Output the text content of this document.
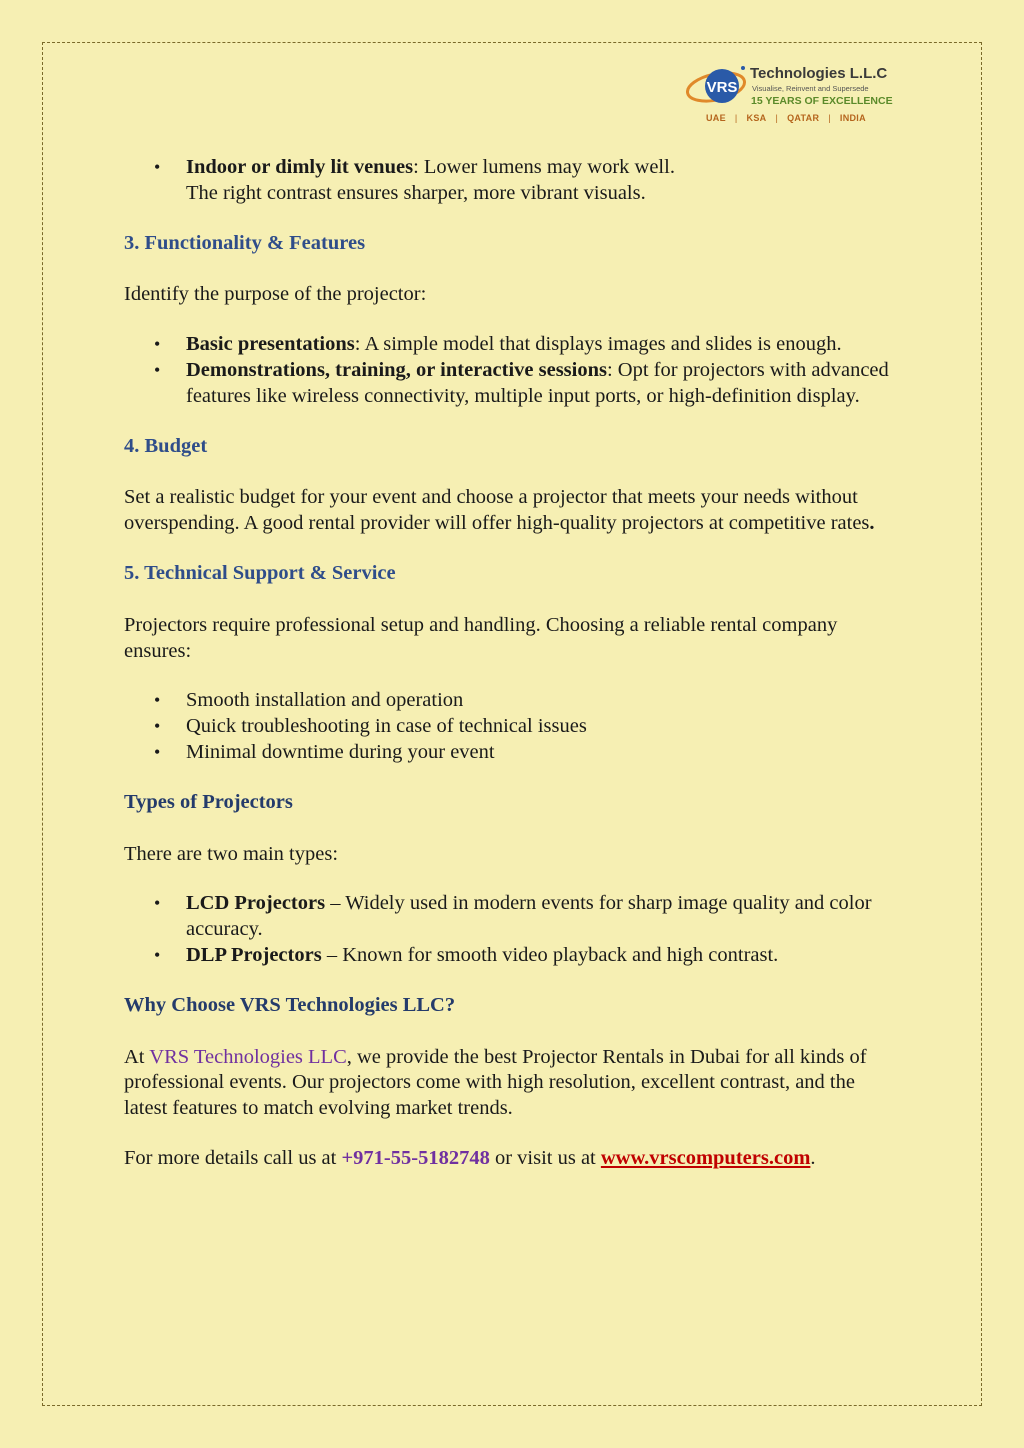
VRS
Technologies L.L.C
Visualise, Reinvent and Supersede
15 YEARS OF EXCELLENCE
UAE | KSA | QATAR | INDIA
• Indoor or dimly lit venues: Lower lumens may work well.
The right contrast ensures sharper, more vibrant visuals.

3. Functionality & Features

Identify the purpose of the projector:

• Basic presentations: A simple model that displays images and slides is enough.
• Demonstrations, training, or interactive sessions: Opt for projectors with advanced features like wireless connectivity, multiple input ports, or high-definition display.

4. Budget

Set a realistic budget for your event and choose a projector that meets your needs without overspending. A good rental provider will offer high-quality projectors at competitive rates.

5. Technical Support & Service

Projectors require professional setup and handling. Choosing a reliable rental company ensures:

• Smooth installation and operation
• Quick troubleshooting in case of technical issues
• Minimal downtime during your event

Types of Projectors

There are two main types:

• LCD Projectors – Widely used in modern events for sharp image quality and color accuracy.
• DLP Projectors – Known for smooth video playback and high contrast.

Why Choose VRS Technologies LLC?

At VRS Technologies LLC, we provide the best Projector Rentals in Dubai for all kinds of professional events. Our projectors come with high resolution, excellent contrast, and the latest features to match evolving market trends.

For more details call us at +971-55-5182748 or visit us at www.vrscomputers.com.
